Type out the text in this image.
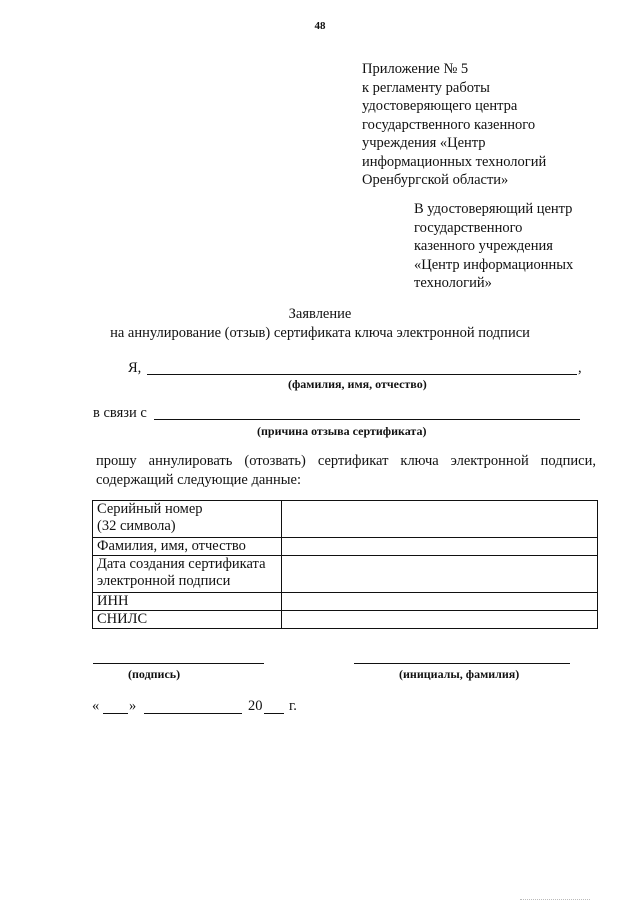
48
Приложение № 5
к регламенту работы
удостоверяющего центра
государственного казенного
учреждения «Центр
информационных технологий
Оренбургской области»
В удостоверяющий центр
государственного
казенного учреждения
«Центр информационных
технологий»
Заявление
на аннулирование (отзыв) сертификата ключа электронной подписи
Я,	,
(фамилия, имя, отчество)
в связи с
(причина отзыва сертификата)
прошу аннулировать (отозвать) сертификат ключа электронной подписи,
содержащий следующие данные:
Серийный номер
(32 символа)	

Фамилия, имя, отчество	

Дата создания сертификата
электронной подписи	

ИНН	

СНИЛС	

(подпись)	(инициалы, фамилия)
« »	20 г.
